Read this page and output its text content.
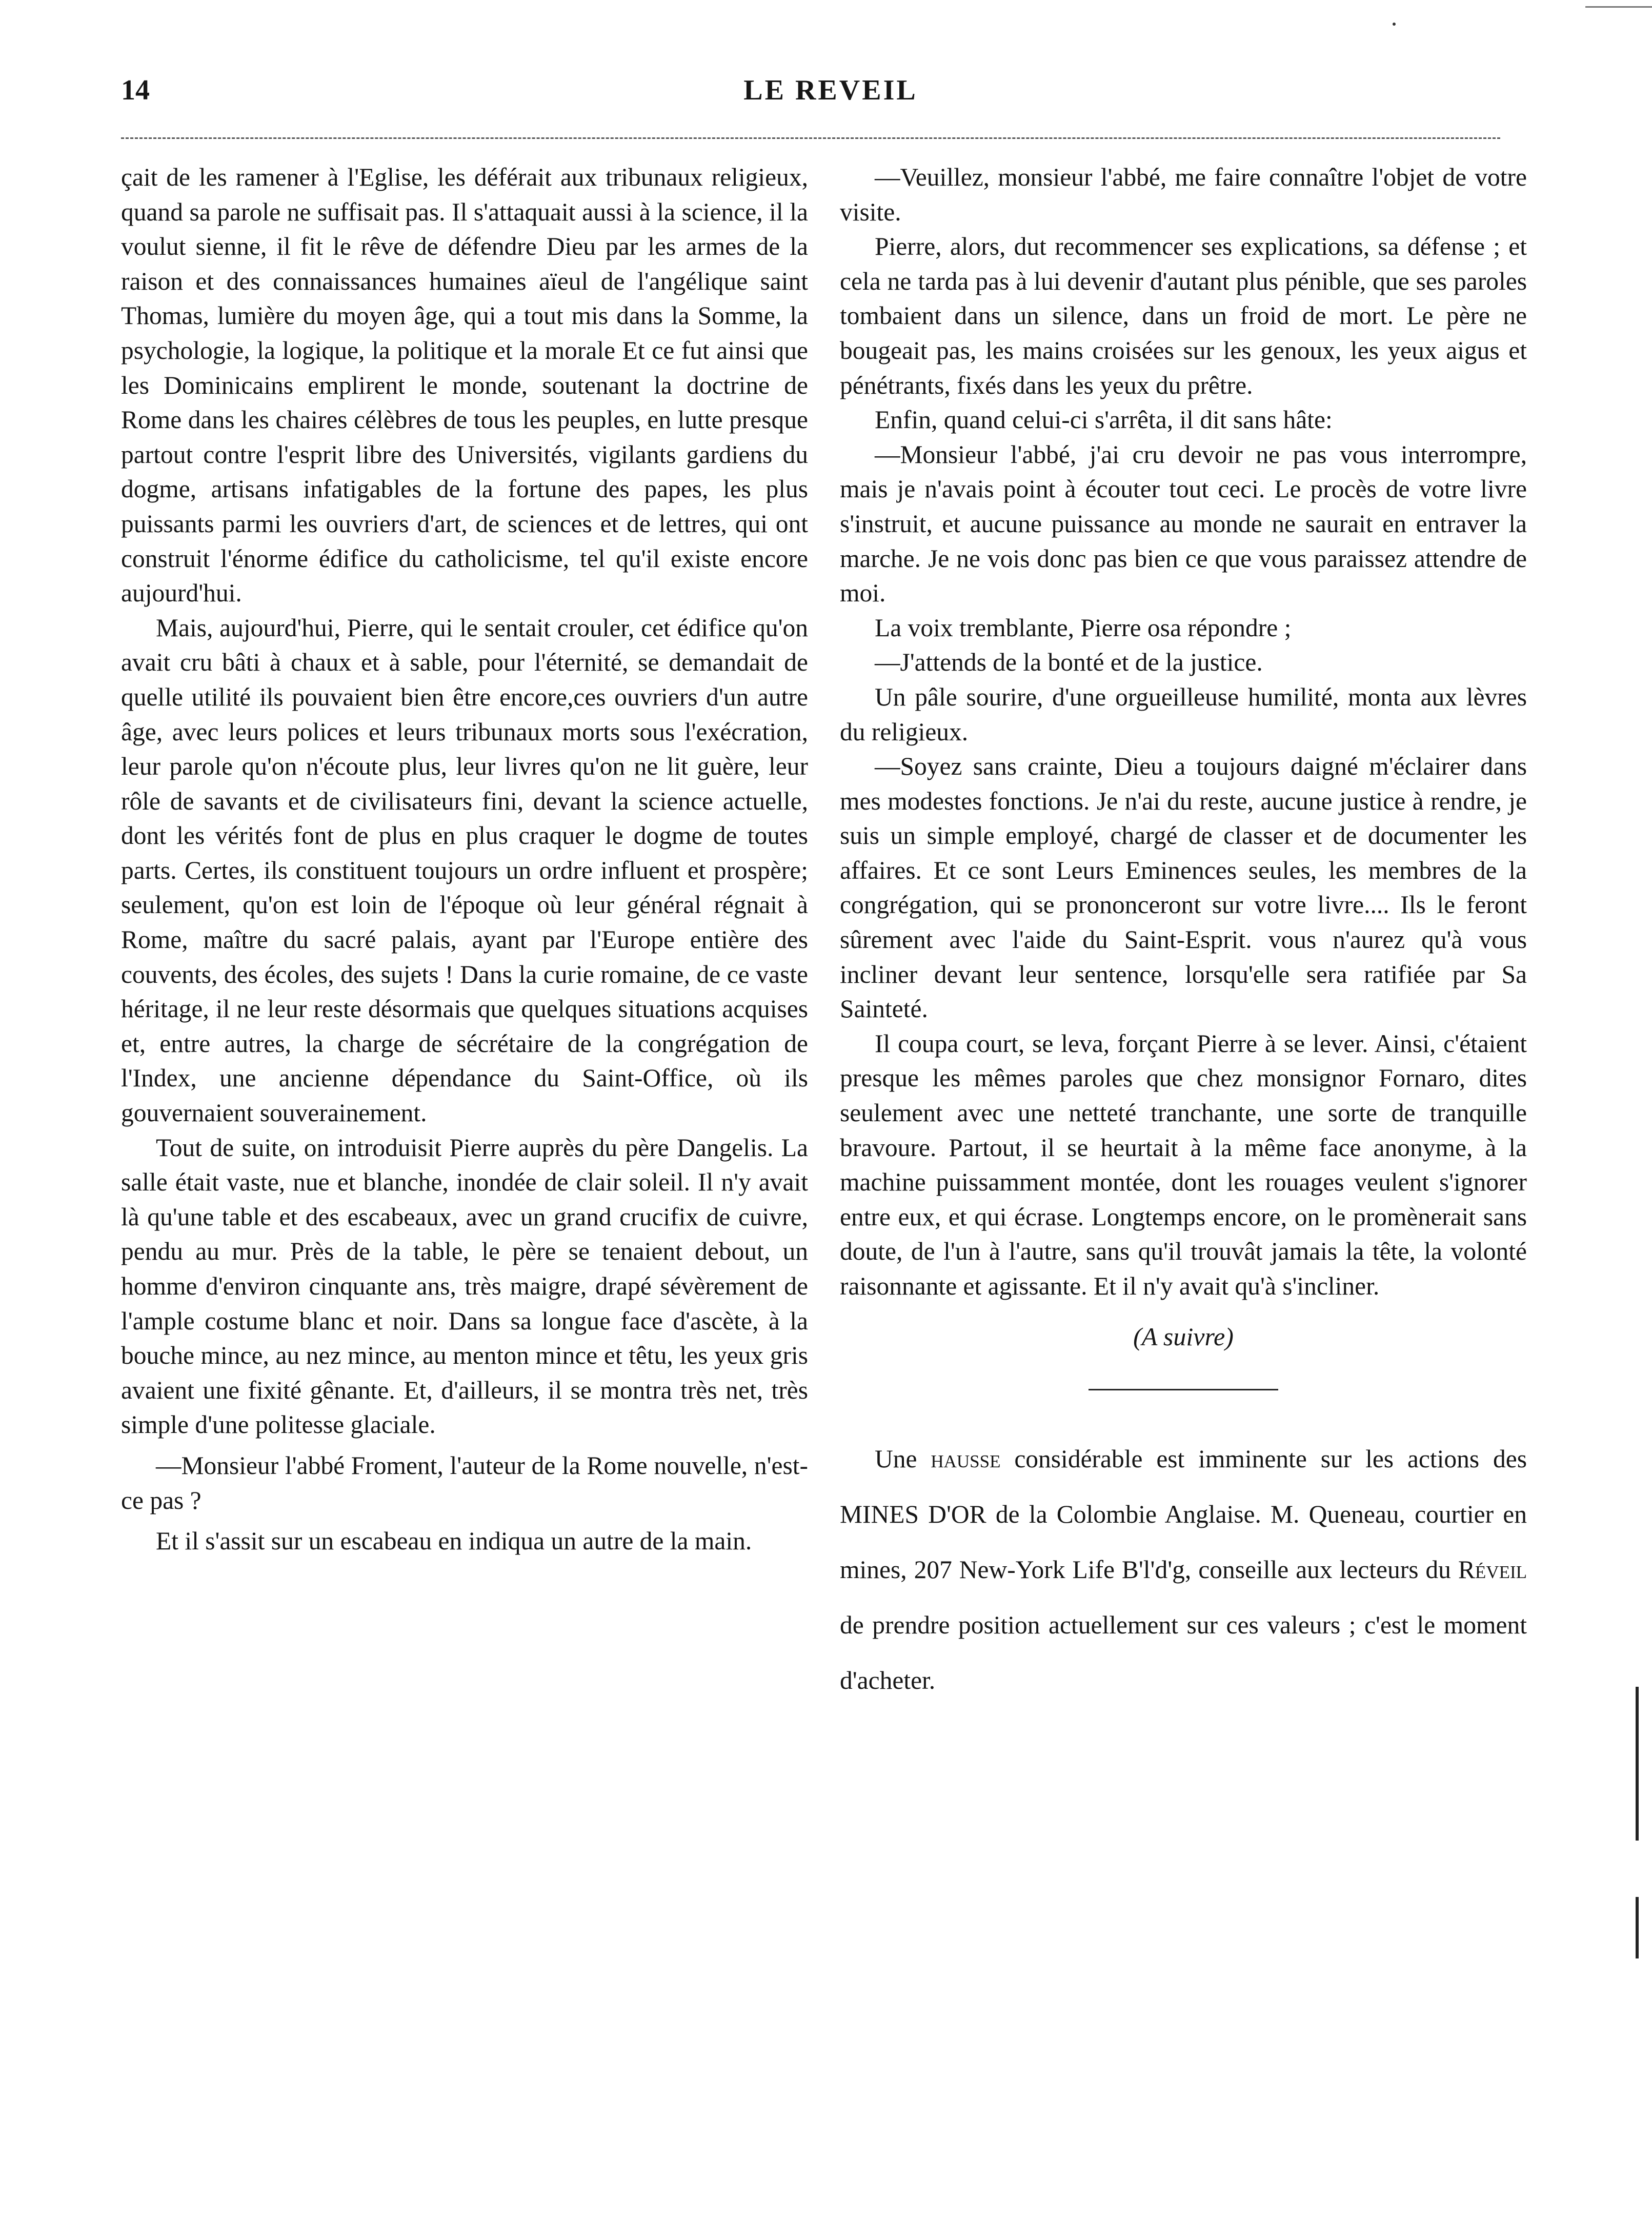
14	LE REVEIL

çait de les ramener à l'Eglise, les déférait aux tribunaux religieux, quand sa parole ne suffisait pas. Il s'attaquait aussi à la science, il la voulut sienne, il fit le rêve de défendre Dieu par les armes de la raison et des connaissances humaines aïeul de l'angélique saint Thomas, lumière du moyen âge, qui a tout mis dans la Somme, la psychologie, la logique, la politique et la morale Et ce fut ainsi que les Dominicains emplirent le monde, soutenant la doctrine de Rome dans les chaires célèbres de tous les peuples, en lutte presque partout contre l'esprit libre des Universités, vigilants gardiens du dogme, artisans infatigables de la fortune des papes, les plus puissants parmi les ouvriers d'art, de sciences et de lettres, qui ont construit l'énorme édifice du catholicisme, tel qu'il existe encore aujourd'hui.

Mais, aujourd'hui, Pierre, qui le sentait crouler, cet édifice qu'on avait cru bâti à chaux et à sable, pour l'éternité, se demandait de quelle utilité ils pouvaient bien être encore,ces ouvriers d'un autre âge, avec leurs polices et leurs tribunaux morts sous l'exécration, leur parole qu'on n'écoute plus, leur livres qu'on ne lit guère, leur rôle de savants et de civilisateurs fini, devant la science actuelle, dont les vérités font de plus en plus craquer le dogme de toutes parts. Certes, ils constituent toujours un ordre influent et prospère; seulement, qu'on est loin de l'époque où leur général régnait à Rome, maître du sacré palais, ayant par l'Europe entière des couvents, des écoles, des sujets ! Dans la curie romaine, de ce vaste héritage, il ne leur reste désormais que quelques situations acquises et, entre autres, la charge de sécrétaire de la congrégation de l'Index, une ancienne dépendance du Saint-Office, où ils gouvernaient souverainement.

Tout de suite, on introduisit Pierre auprès du père Dangelis. La salle était vaste, nue et blanche, inondée de clair soleil. Il n'y avait là qu'une table et des escabeaux, avec un grand crucifix de cuivre, pendu au mur. Près de la table, le père se tenaient debout, un homme d'environ cinquante ans, très maigre, drapé sévèrement de l'ample costume blanc et noir. Dans sa longue face d'ascète, à la bouche mince, au nez mince, au menton mince et têtu, les yeux gris avaient une fixité gênante. Et, d'ailleurs, il se montra très net, très simple d'une politesse glaciale.

—Monsieur l'abbé Froment, l'auteur de la Rome nouvelle, n'est-ce pas ?

Et il s'assit sur un escabeau en indiqua un autre de la main.

—Veuillez, monsieur l'abbé, me faire connaître l'objet de votre visite.

Pierre, alors, dut recommencer ses explications, sa défense ; et cela ne tarda pas à lui devenir d'autant plus pénible, que ses paroles tombaient dans un silence, dans un froid de mort. Le père ne bougeait pas, les mains croisées sur les genoux, les yeux aigus et pénétrants, fixés dans les yeux du prêtre.

Enfin, quand celui-ci s'arrêta, il dit sans hâte:

—Monsieur l'abbé, j'ai cru devoir ne pas vous interrompre, mais je n'avais point à écouter tout ceci. Le procès de votre livre s'instruit, et aucune puissance au monde ne saurait en entraver la marche. Je ne vois donc pas bien ce que vous paraissez attendre de moi.

La voix tremblante, Pierre osa répondre ;

—J'attends de la bonté et de la justice.

Un pâle sourire, d'une orgueilleuse humilité, monta aux lèvres du religieux.

—Soyez sans crainte, Dieu a toujours daigné m'éclairer dans mes modestes fonctions. Je n'ai du reste, aucune justice à rendre, je suis un simple employé, chargé de classer et de documenter les affaires. Et ce sont Leurs Eminences seules, les membres de la congrégation, qui se prononceront sur votre livre.... Ils le feront sûrement avec l'aide du Saint-Esprit. vous n'aurez qu'à vous incliner devant leur sentence, lorsqu'elle sera ratifiée par Sa Sainteté.

Il coupa court, se leva, forçant Pierre à se lever. Ainsi, c'étaient presque les mêmes paroles que chez monsignor Fornaro, dites seulement avec une netteté tranchante, une sorte de tranquille bravoure. Partout, il se heurtait à la même face anonyme, à la machine puissamment montée, dont les rouages veulent s'ignorer entre eux, et qui écrase. Longtemps encore, on le promènerait sans doute, de l'un à l'autre, sans qu'il trouvât jamais la tête, la volonté raisonnante et agissante. Et il n'y avait qu'à s'incliner.

(A suivre)

Une hausse considérable est imminente sur les actions des MINES D'OR de la Colombie Anglaise. M. Queneau, courtier en mines, 207 New-York Life B'l'd'g, conseille aux lecteurs du Réveil de prendre position actuellement sur ces valeurs ; c'est le moment d'acheter.
